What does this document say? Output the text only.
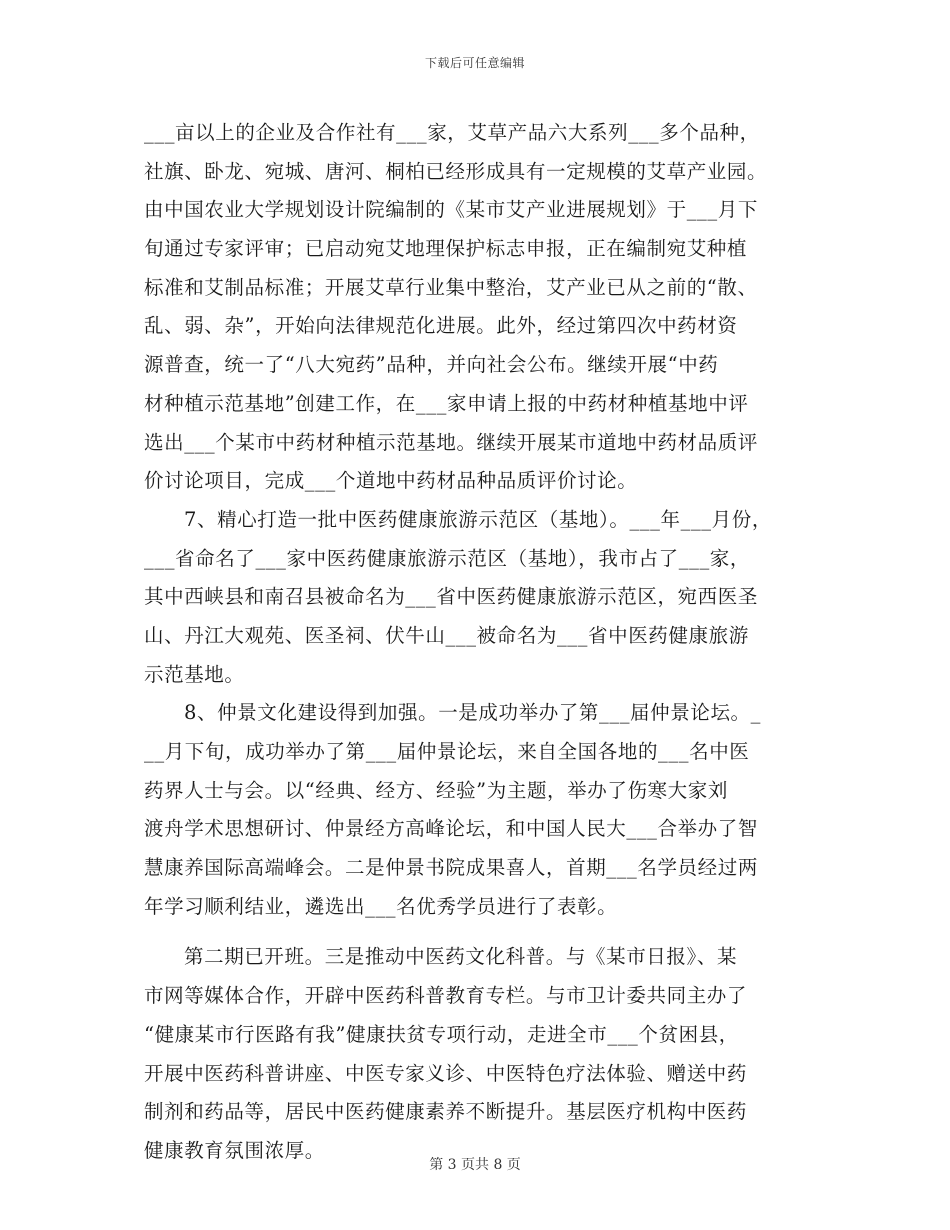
下载后可任意编辑
___亩以上的企业及合作社有___家，艾草产品六大系列___多个品种，
社旗、卧龙、宛城、唐河、桐柏已经形成具有一定规模的艾草产业园。
由中国农业大学规划设计院编制的《某市艾产业进展规划》于___月下
旬通过专家评审；已启动宛艾地理保护标志申报，正在编制宛艾种植
标准和艾制品标准；开展艾草行业集中整治，艾产业已从之前的“散、
乱、弱、杂”，开始向法律规范化进展。此外，经过第四次中药材资
源普查，统一了“八大宛药”品种，并向社会公布。继续开展“中药
材种植示范基地”创建工作，在___家申请上报的中药材种植基地中评
选出___个某市中药材种植示范基地。继续开展某市道地中药材品质评
价讨论项目，完成___个道地中药材品种品质评价讨论。
7、精心打造一批中医药健康旅游示范区（基地）。___年___月份，
___省命名了___家中医药健康旅游示范区（基地），我市占了___家，
其中西峡县和南召县被命名为___省中医药健康旅游示范区，宛西医圣
山、丹江大观苑、医圣祠、伏牛山___被命名为___省中医药健康旅游
示范基地。
8、仲景文化建设得到加强。一是成功举办了第___届仲景论坛。_
__月下旬，成功举办了第___届仲景论坛，来自全国各地的___名中医
药界人士与会。以“经典、经方、经验”为主题，举办了伤寒大家刘
渡舟学术思想研讨、仲景经方高峰论坛，和中国人民大___合举办了智
慧康养国际高端峰会。二是仲景书院成果喜人，首期___名学员经过两
年学习顺利结业，遴选出___名优秀学员进行了表彰。
第二期已开班。三是推动中医药文化科普。与《某市日报》、某
市网等媒体合作，开辟中医药科普教育专栏。与市卫计委共同主办了
“健康某市行医路有我”健康扶贫专项行动，走进全市___个贫困县，
开展中医药科普讲座、中医专家义诊、中医特色疗法体验、赠送中药
制剂和药品等，居民中医药健康素养不断提升。基层医疗机构中医药
健康教育氛围浓厚。
第 3 页共 8 页
